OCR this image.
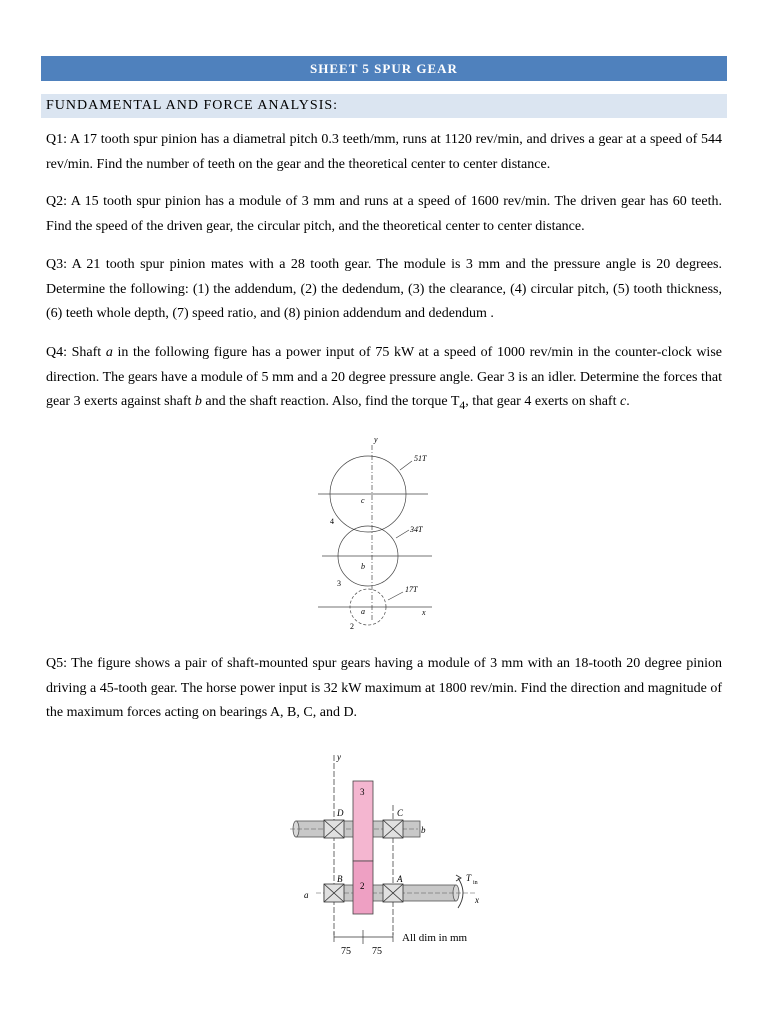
SHEET 5 SPUR GEAR
FUNDAMENTAL AND FORCE ANALYSIS:

Q1: A 17 tooth spur pinion has a diametral pitch 0.3 teeth/mm, runs at 1120 rev/min, and drives a gear at a speed of 544 rev/min. Find the number of teeth on the gear and the theoretical center to center distance.

Q2: A 15 tooth spur pinion has a module of 3 mm and runs at a speed of 1600 rev/min. The driven gear has 60 teeth. Find the speed of the driven gear, the circular pitch, and the theoretical center to center distance.

Q3: A 21 tooth spur pinion mates with a 28 tooth gear. The module is 3 mm and the pressure angle is 20 degrees. Determine the following: (1) the addendum, (2) the dedendum, (3) the clearance, (4) circular pitch, (5) tooth thickness, (6) teeth whole depth, (7) speed ratio, and (8) pinion addendum and dedendum .

Q4: Shaft a in the following figure has a power input of 75 kW at a speed of 1000 rev/min in the counter-clock wise direction. The gears have a module of 5 mm and a 20 degree pressure angle. Gear 3 is an idler. Determine the forces that gear 3 exerts against shaft b and the shaft reaction. Also, find the torque $T_4$, that gear 4 exerts on shaft c.

y
51T
c
4
34T
b
3
17T
x
a
2

Q5: The figure shows a pair of shaft-mounted spur gears having a module of 3 mm with an 18-tooth 20 degree pinion driving a 45-tooth gear. The horse power input is 32 kW maximum at 1800 rev/min. Find the direction and magnitude of the maximum forces acting on bearings A, B, C, and D.

y
3
D	C
b
B
2
A
a
T in
x
All dim in mm
75 75
